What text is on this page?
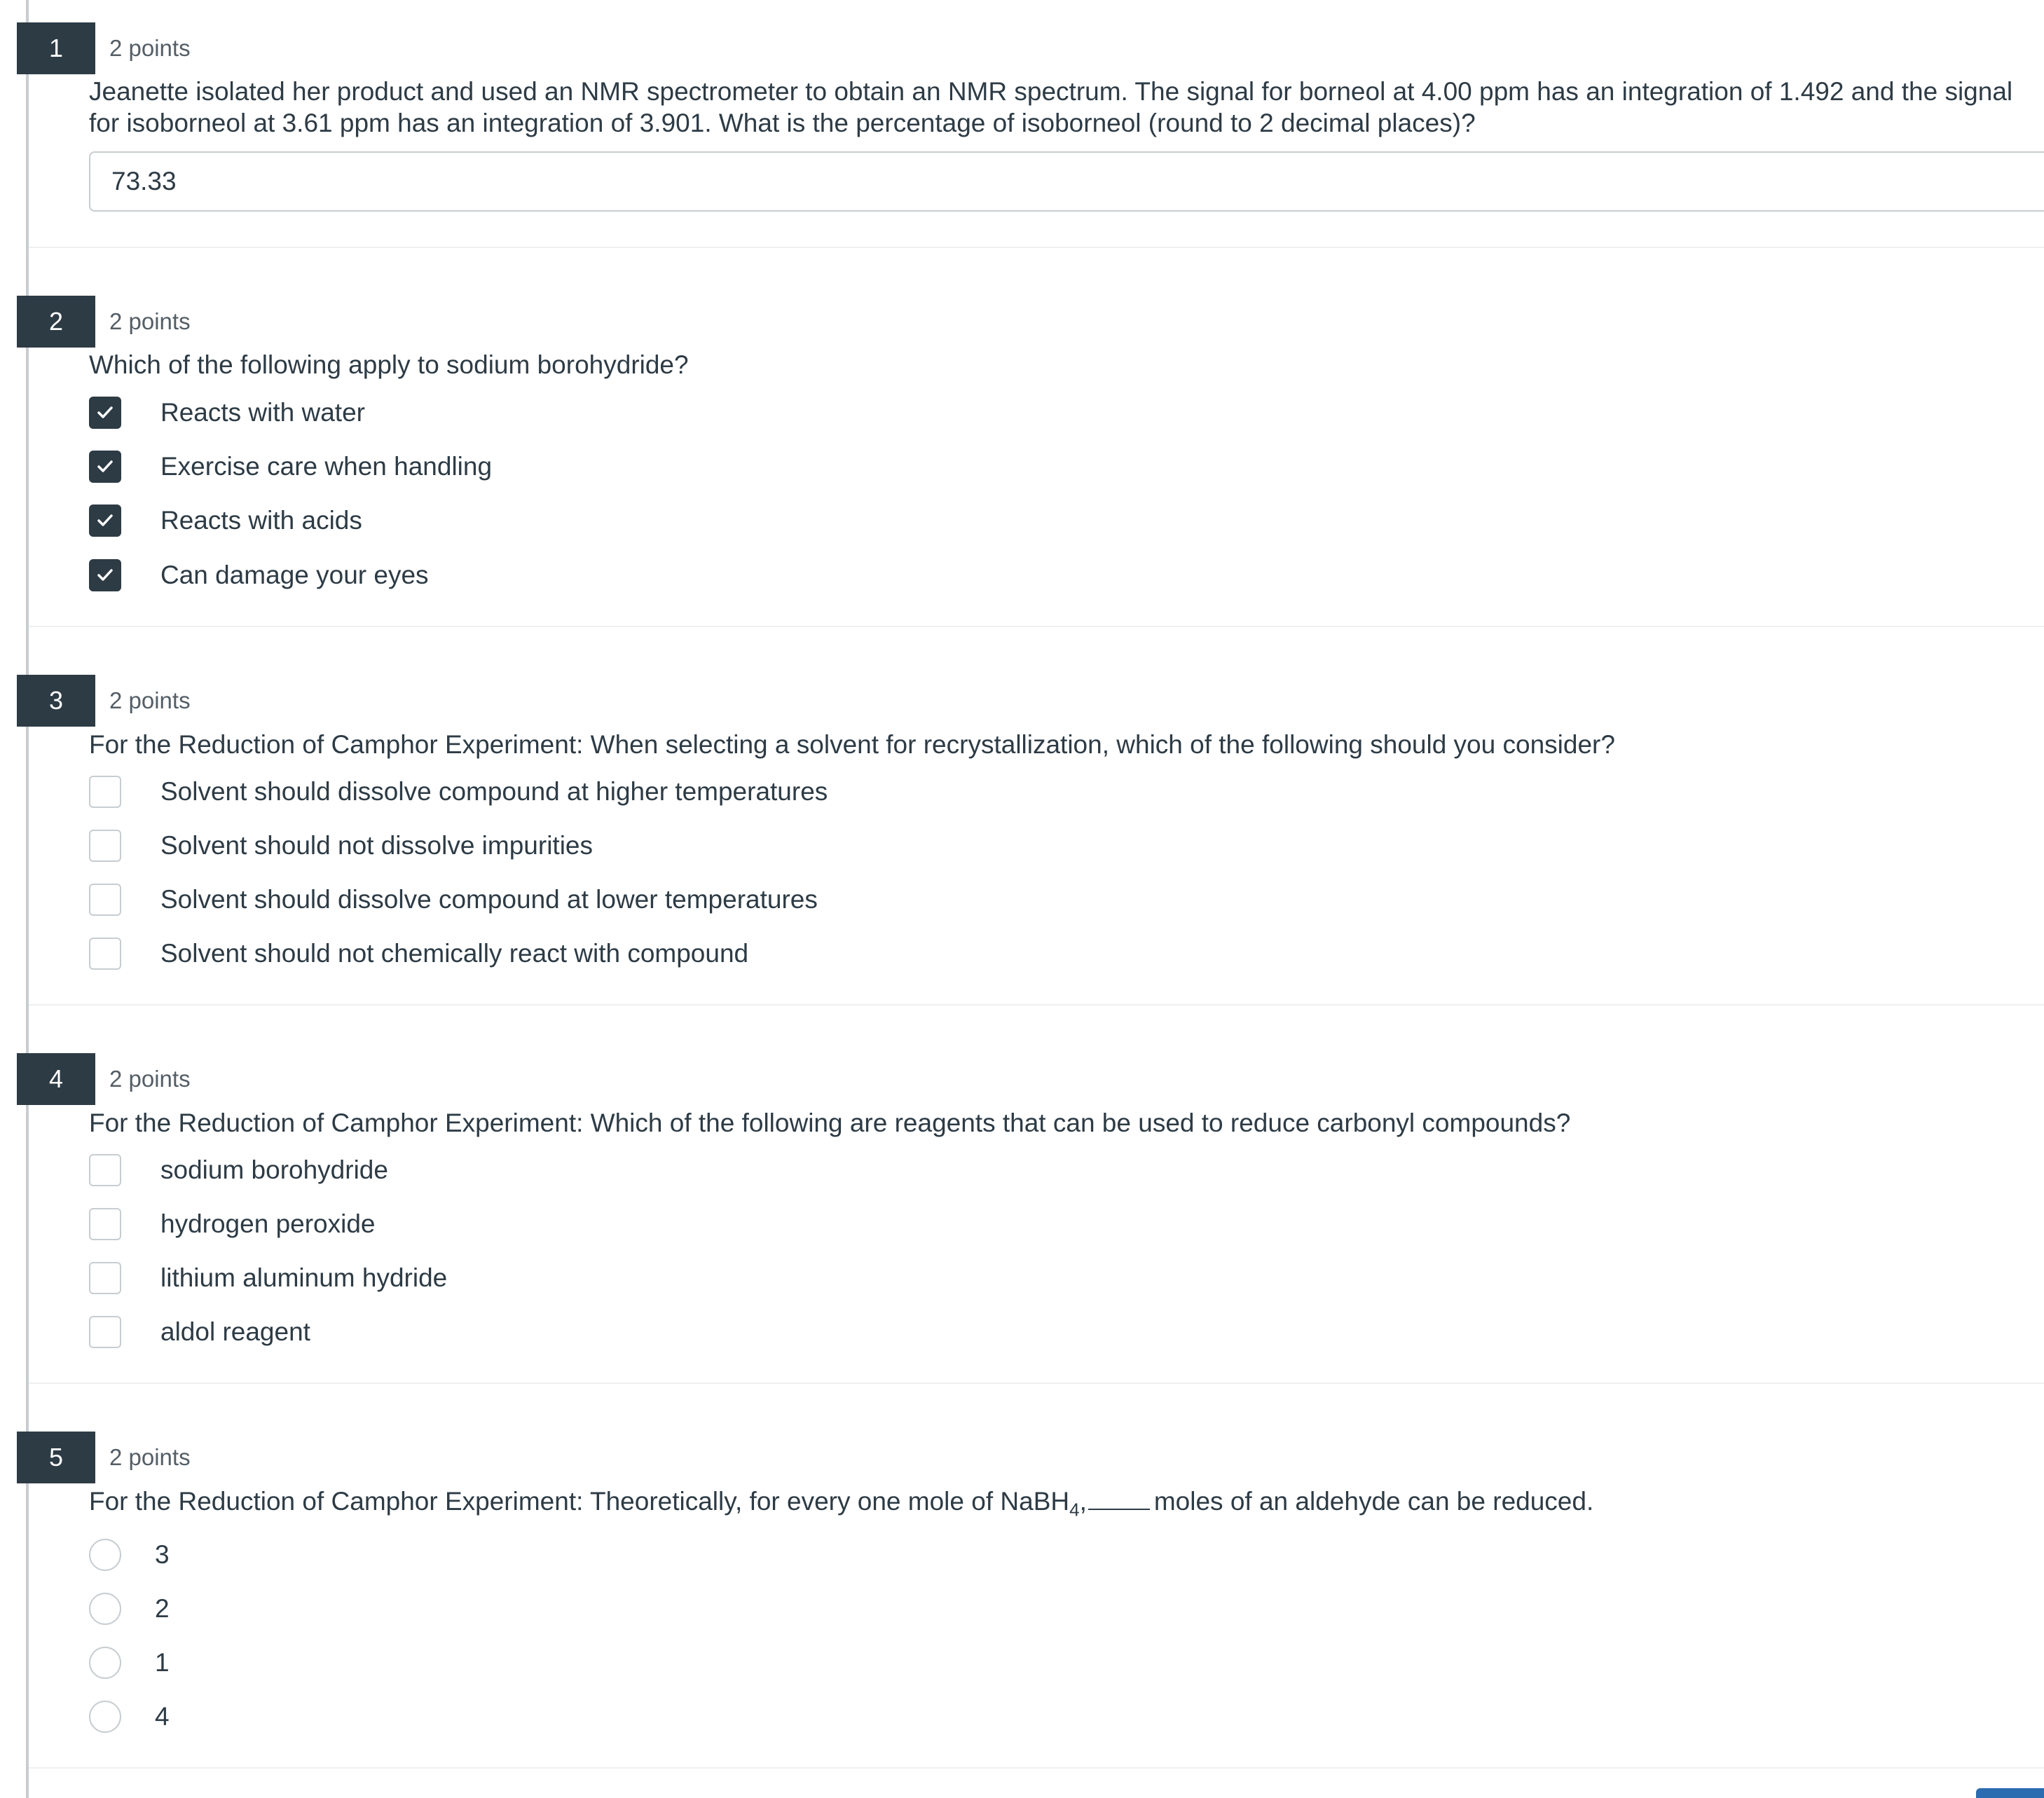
1	2 points
Jeanette isolated her product and used an NMR spectrometer to obtain an NMR spectrum. The signal for borneol at 4.00 ppm has an integration of 1.492 and the signal for isoborneol at 3.61 ppm has an integration of 3.901. What is the percentage of isoborneol (round to 2 decimal places)?
73.33
2	2 points
Which of the following apply to sodium borohydride?
Reacts with water
Exercise care when handling
Reacts with acids
Can damage your eyes
3	2 points
For the Reduction of Camphor Experiment: When selecting a solvent for recrystallization, which of the following should you consider?
Solvent should dissolve compound at higher temperatures
Solvent should not dissolve impurities
Solvent should dissolve compound at lower temperatures
Solvent should not chemically react with compound
4	2 points
For the Reduction of Camphor Experiment: Which of the following are reagents that can be used to reduce carbonyl compounds?
sodium borohydride
hydrogen peroxide
lithium aluminum hydride
aldol reagent
5	2 points
For the Reduction of Camphor Experiment: Theoretically, for every one mole of NaBH$_4$,	moles of an aldehyde can be reduced.
3
2
1
4
